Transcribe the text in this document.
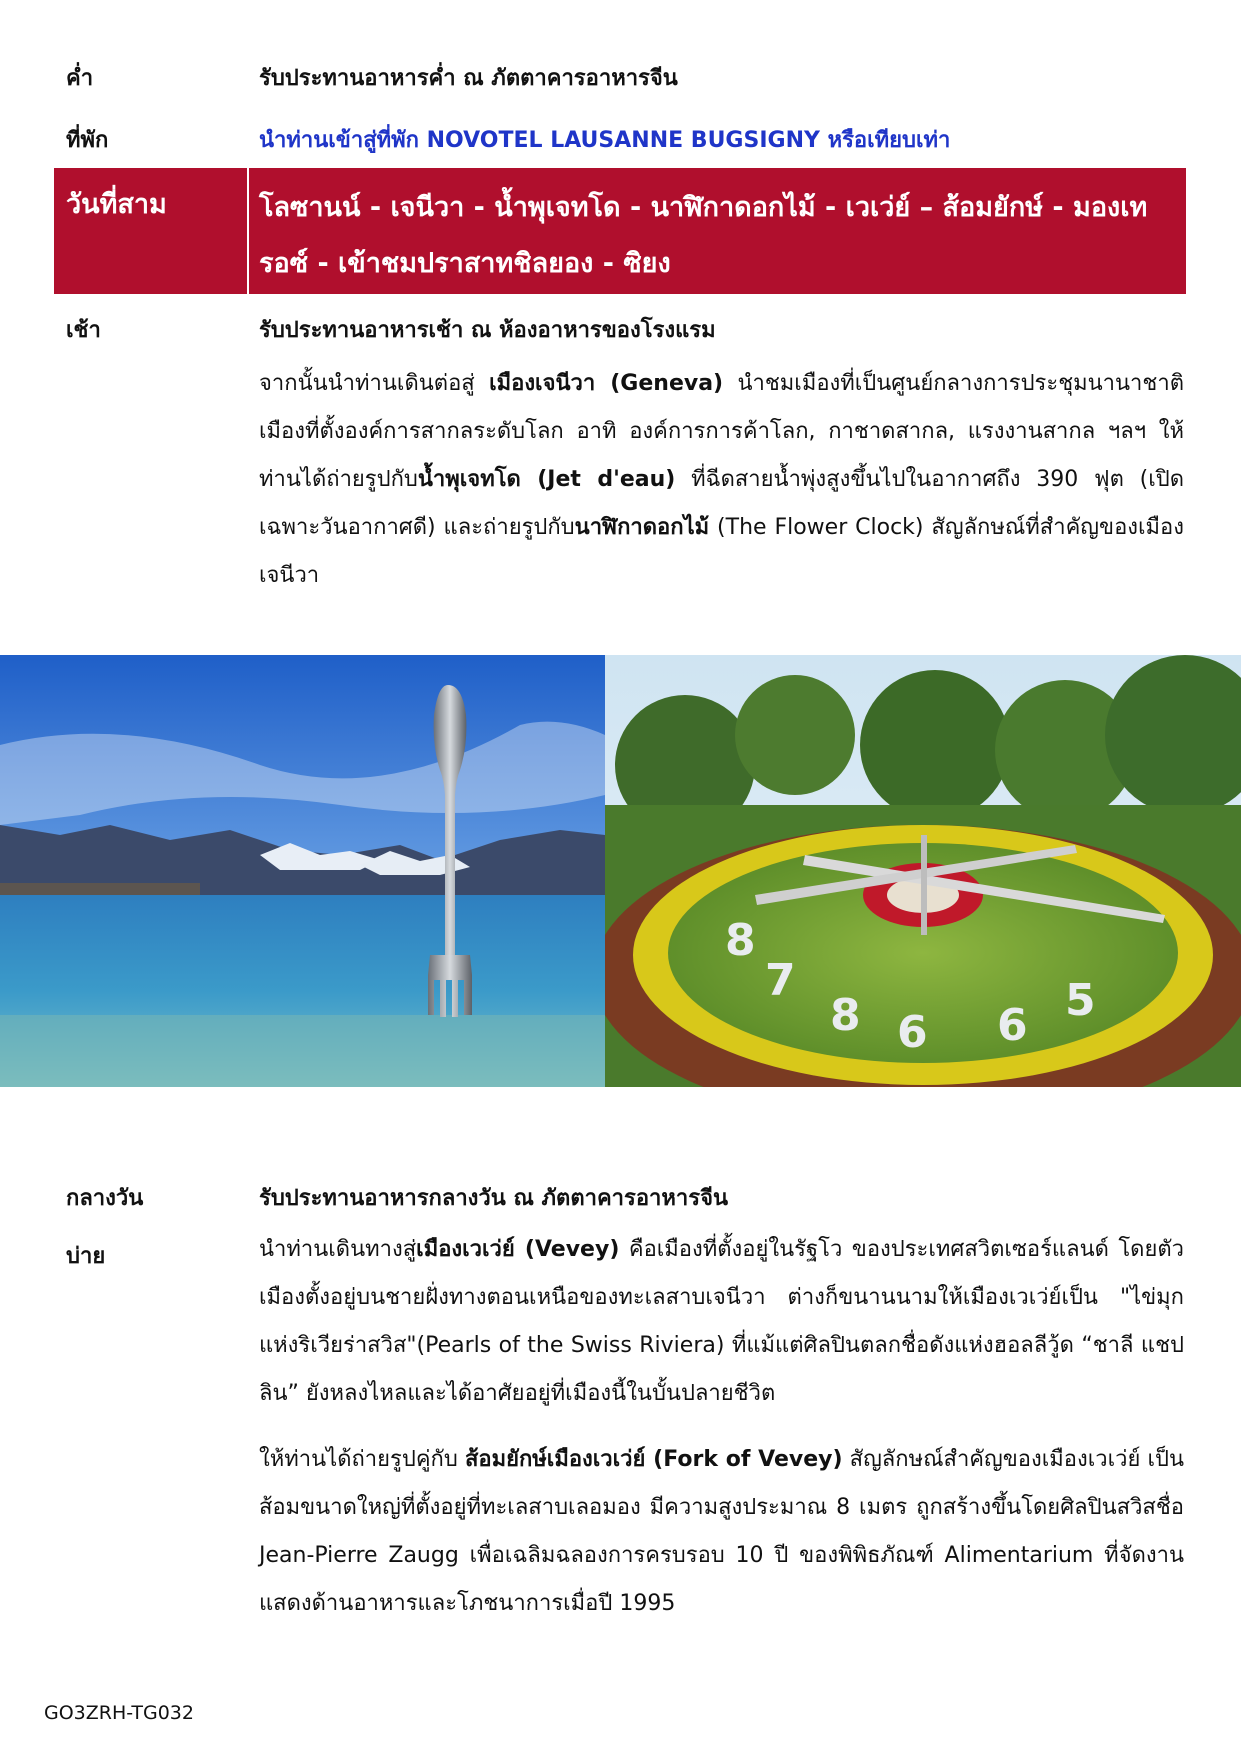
ค่ำ	รับประทานอาหารค่ำ ณ ภัตตาคารอาหารจีน
ที่พัก	นำท่านเข้าสู่ที่พัก NOVOTEL LAUSANNE BUGSIGNY หรือเทียบเท่า
วันที่สาม	โลซานน์ - เจนีวา - น้ำพุเจทโด - นาฬิกาดอกไม้ - เวเว่ย์ – ส้อมยักษ์ - มองเท
รอซ์ - เข้าชมปราสาทชิลยอง - ซิยง
เช้า	รับประทานอาหารเช้า ณ ห้องอาหารของโรงแรม
จากนั้นนำท่านเดินต่อสู่ เมืองเจนีวา (Geneva) นำชมเมืองที่เป็นศูนย์กลางการประชุมนานาชาติ เมืองที่ตั้งองค์การสากลระดับโลก อาทิ องค์การการค้าโลก, กาชาดสากล, แรงงานสากล ฯลฯ ให้ท่านได้ถ่ายรูปกับน้ำพุเจทโด (Jet d'eau) ที่ฉีดสายน้ำพุ่งสูงขึ้นไปในอากาศถึง 390 ฟุต (เปิดเฉพาะวันอากาศดี) และถ่ายรูปกับนาฬิกาดอกไม้ (The Flower Clock) สัญลักษณ์ที่สำคัญของเมืองเจนีวา
7
8 6 6 5
8
กลางวัน	รับประทานอาหารกลางวัน ณ ภัตตาคารอาหารจีน
บ่าย	นำท่านเดินทางสู่เมืองเวเว่ย์ (Vevey) คือเมืองที่ตั้งอยู่ในรัฐโว ของประเทศสวิตเซอร์แลนด์ โดยตัวเมืองตั้งอยู่บนชายฝั่งทางตอนเหนือของทะเลสาบเจนีวา ต่างก็ขนานนามให้เมืองเวเว่ย์เป็น "ไข่มุกแห่งริเวียร่าสวิส"(Pearls of the Swiss Riviera) ที่แม้แต่ศิลปินตลกชื่อดังแห่งฮอลลีวู้ด “ชาลี แชปลิน” ยังหลงไหลและได้อาศัยอยู่ที่เมืองนี้ในบั้นปลายชีวิต
ให้ท่านได้ถ่ายรูปคู่กับ ส้อมยักษ์เมืองเวเว่ย์ (Fork of Vevey) สัญลักษณ์สำคัญของเมืองเวเว่ย์ เป็นส้อมขนาดใหญ่ที่ตั้งอยู่ที่ทะเลสาบเลอมอง มีความสูงประมาณ 8 เมตร ถูกสร้างขึ้นโดยศิลปินสวิสชื่อ Jean-Pierre Zaugg เพื่อเฉลิมฉลองการครบรอบ 10 ปี ของพิพิธภัณฑ์ Alimentarium ที่จัดงานแสดงด้านอาหารและโภชนาการเมื่อปี 1995
GO3ZRH-TG032
